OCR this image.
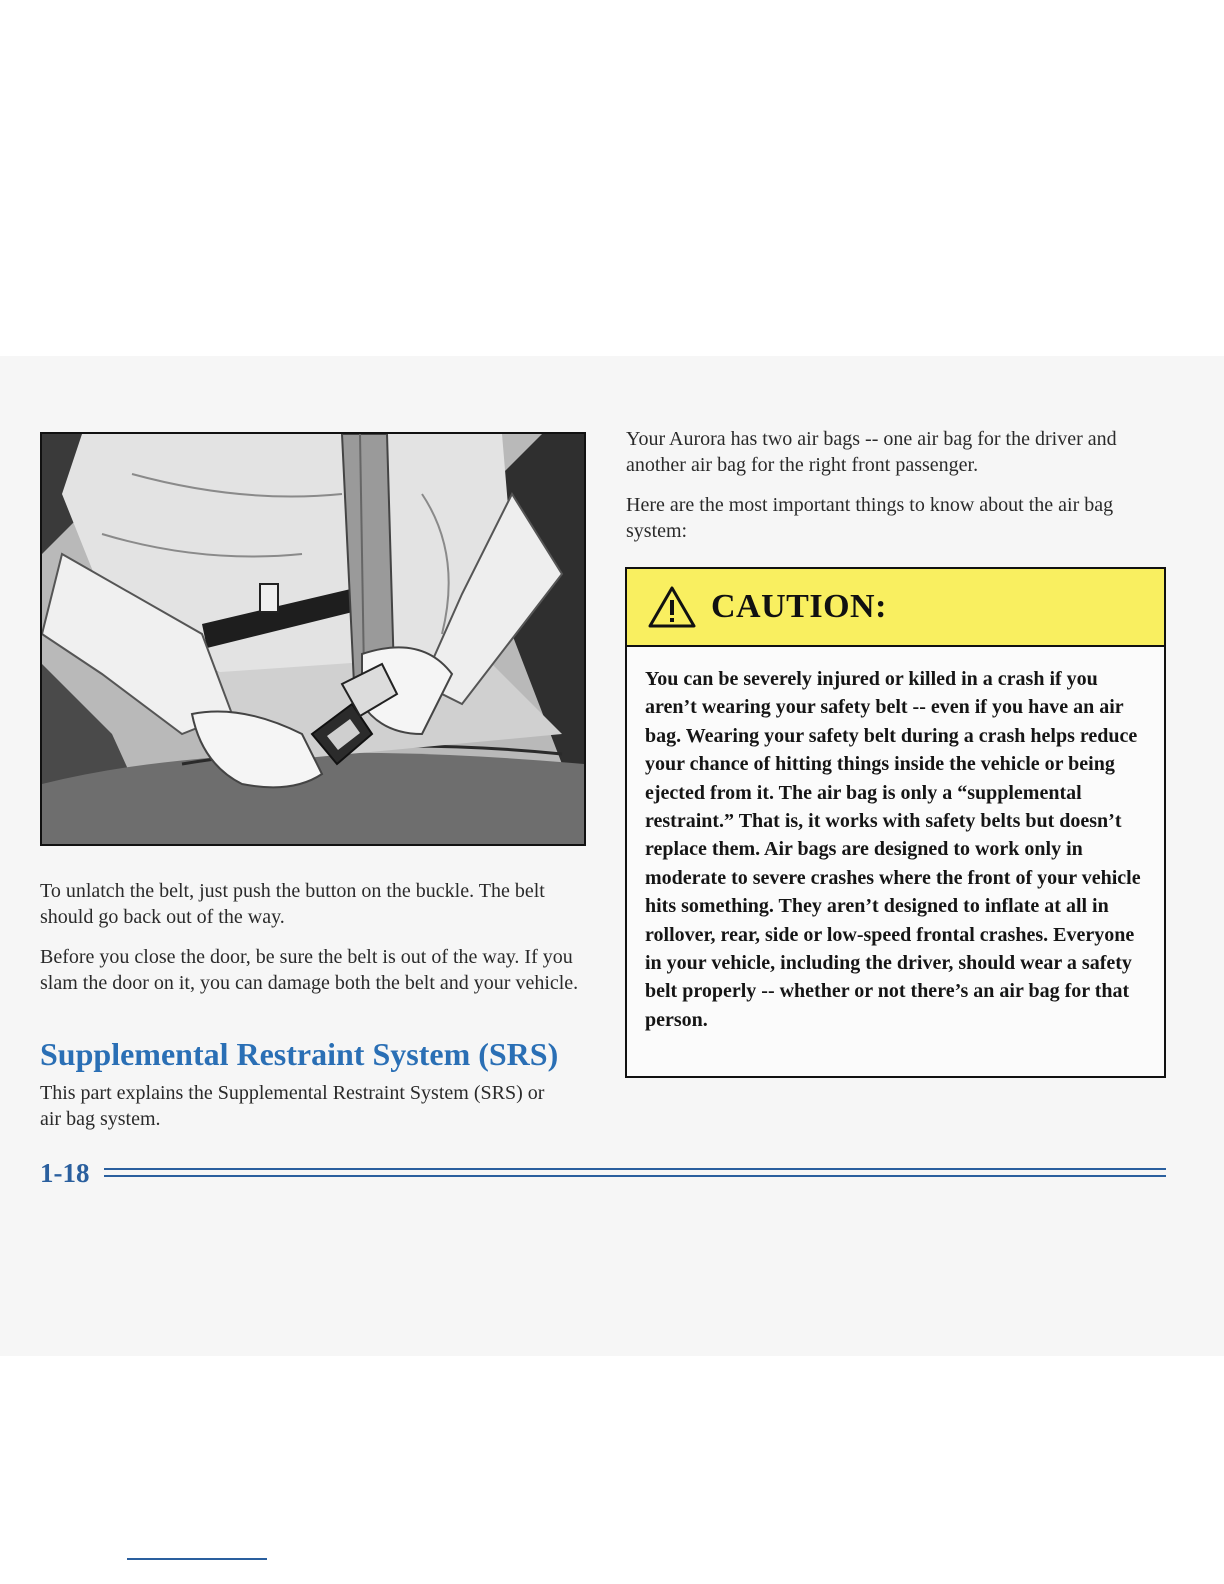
To unlatch the belt, just push the button on the buckle. The belt should go back out of the way.

Before you close the door, be sure the belt is out of the way. If you slam the door on it, you can damage both the belt and your vehicle.

Supplemental Restraint System (SRS)

This part explains the Supplemental Restraint System (SRS) or air bag system.

Your Aurora has two air bags -- one air bag for the driver and another air bag for the right front passenger.

Here are the most important things to know about the air bag system:

CAUTION:

You can be severely injured or killed in a crash if you aren’t wearing your safety belt -- even if you have an air bag. Wearing your safety belt during a crash helps reduce your chance of hitting things inside the vehicle or being ejected from it. The air bag is only a “supplemental restraint.” That is, it works with safety belts but doesn’t replace them. Air bags are designed to work only in moderate to severe crashes where the front of your vehicle hits something. They aren’t designed to inflate at all in rollover, rear, side or low-speed frontal crashes. Everyone in your vehicle, including the driver, should wear a safety belt properly -- whether or not there’s an air bag for that person.

1-18
